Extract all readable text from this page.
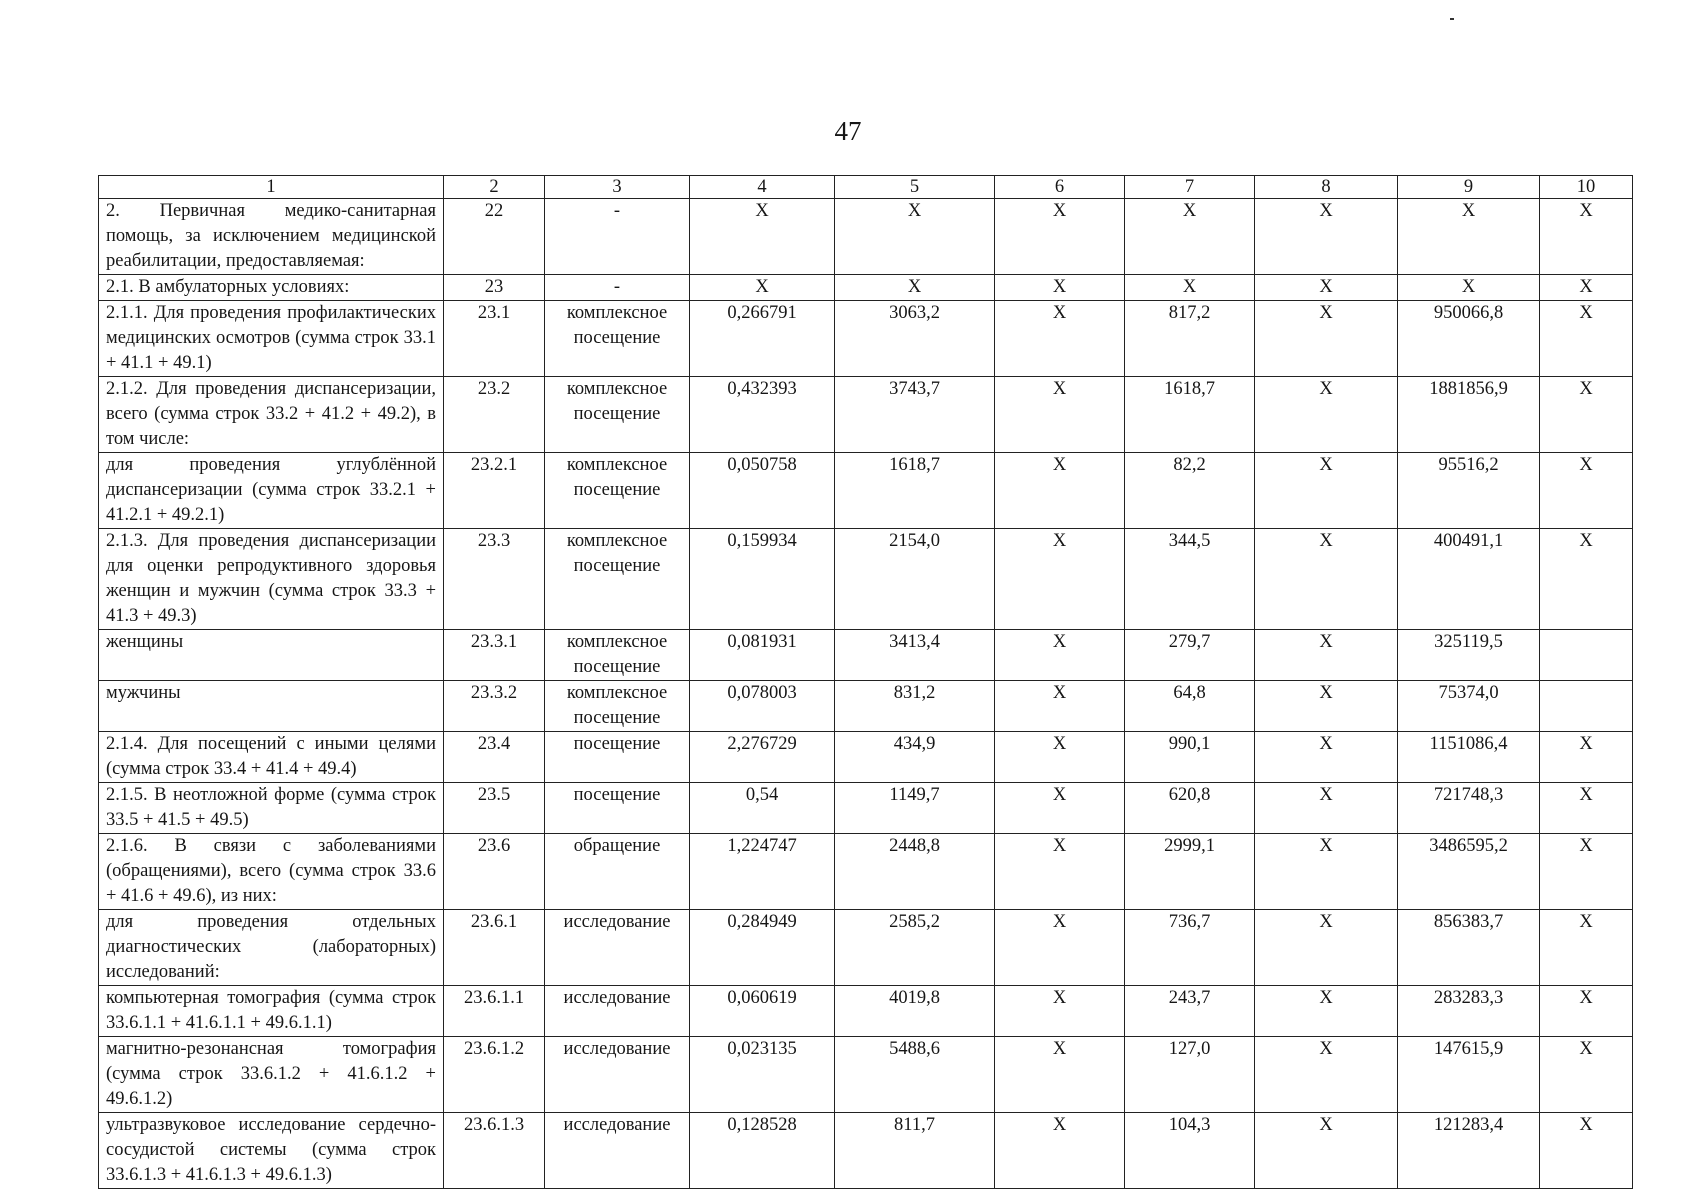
47
1	2	3	4	5	6	7	8	9	10
2. Первичная медико-санитарная помощь, за исключением медицинской реабилитации, предоставляемая:	22	-	Х	Х	Х	Х	Х	Х	Х
2.1. В амбулаторных условиях:	23	-	Х	Х	Х	Х	Х	Х	Х
2.1.1. Для проведения профилактических медицинских осмотров (сумма строк 33.1 + 41.1 + 49.1)	23.1	комплексное посещение	0,266791	3063,2	Х	817,2	Х	950066,8	Х
2.1.2. Для проведения диспансеризации, всего (сумма строк 33.2 + 41.2 + 49.2), в том числе:	23.2	комплексное посещение	0,432393	3743,7	Х	1618,7	Х	1881856,9	Х
для проведения углублённой диспансеризации (сумма строк 33.2.1 + 41.2.1 + 49.2.1)	23.2.1	комплексное посещение	0,050758	1618,7	Х	82,2	Х	95516,2	Х
2.1.3. Для проведения диспансеризации для оценки репродуктивного здоровья женщин и мужчин (сумма строк 33.3 + 41.3 + 49.3)	23.3	комплексное посещение	0,159934	2154,0	Х	344,5	Х	400491,1	Х
женщины	23.3.1	комплексное посещение	0,081931	3413,4	Х	279,7	Х	325119,5	
мужчины	23.3.2	комплексное посещение	0,078003	831,2	Х	64,8	Х	75374,0	
2.1.4. Для посещений с иными целями (сумма строк 33.4 + 41.4 + 49.4)	23.4	посещение	2,276729	434,9	Х	990,1	Х	1151086,4	Х
2.1.5. В неотложной форме (сумма строк 33.5 + 41.5 + 49.5)	23.5	посещение	0,54	1149,7	Х	620,8	Х	721748,3	Х
2.1.6. В связи с заболеваниями (обращениями), всего (сумма строк 33.6 + 41.6 + 49.6), из них:	23.6	обращение	1,224747	2448,8	Х	2999,1	Х	3486595,2	Х
для проведения отдельных диагностических (лабораторных) исследований:	23.6.1	исследование	0,284949	2585,2	Х	736,7	Х	856383,7	Х
компьютерная томография (сумма строк 33.6.1.1 + 41.6.1.1 + 49.6.1.1)	23.6.1.1	исследование	0,060619	4019,8	Х	243,7	Х	283283,3	Х
магнитно-резонансная томография (сумма строк 33.6.1.2 + 41.6.1.2 + 49.6.1.2)	23.6.1.2	исследование	0,023135	5488,6	Х	127,0	Х	147615,9	Х
ультразвуковое исследование сердечно-сосудистой системы (сумма строк 33.6.1.3 + 41.6.1.3 + 49.6.1.3)	23.6.1.3	исследование	0,128528	811,7	Х	104,3	Х	121283,4	Х
